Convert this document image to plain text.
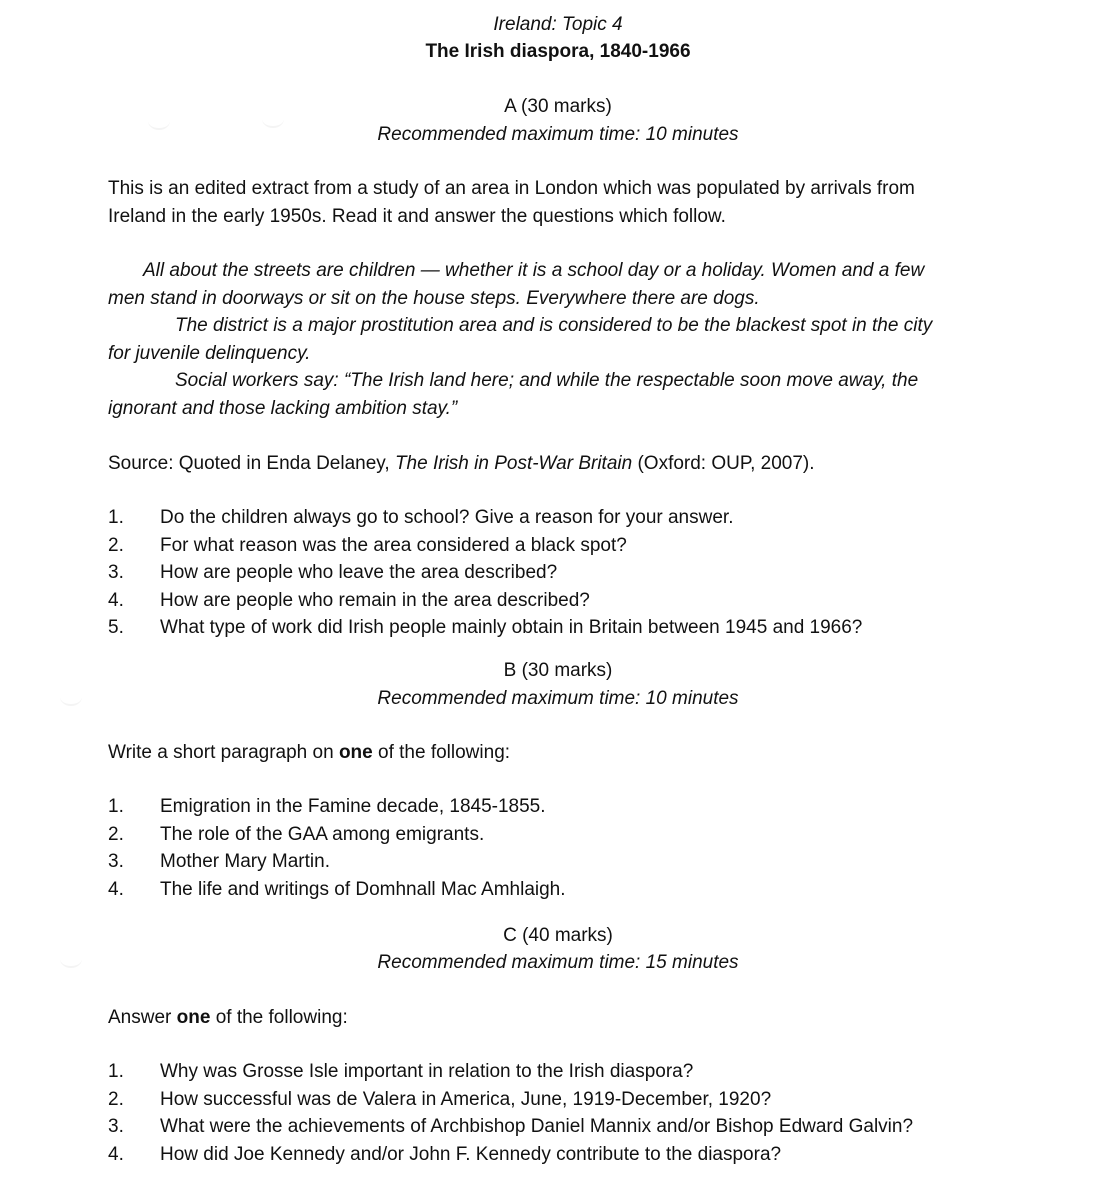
Ireland: Topic 4
The Irish diaspora, 1840-1966
A (30 marks)
Recommended maximum time: 10 minutes
This is an edited extract from a study of an area in London which was populated by arrivals from
Ireland in the early 1950s. Read it and answer the questions which follow.

All about the streets are children — whether it is a school day or a holiday. Women and a few
men stand in doorways or sit on the house steps. Everywhere there are dogs.

The district is a major prostitution area and is considered to be the blackest spot in the city
for juvenile delinquency.

Social workers say: “The Irish land here; and while the respectable soon move away, the
ignorant and those lacking ambition stay.”

Source: Quoted in Enda Delaney, The Irish in Post-War Britain (Oxford: OUP, 2007).
1. Do the children always go to school? Give a reason for your answer.
2. For what reason was the area considered a black spot?
3. How are people who leave the area described?
4. How are people who remain in the area described?
5. What type of work did Irish people mainly obtain in Britain between 1945 and 1966?
B (30 marks)
Recommended maximum time: 10 minutes
Write a short paragraph on one of the following:
1. Emigration in the Famine decade, 1845-1855.
2. The role of the GAA among emigrants.
3. Mother Mary Martin.
4. The life and writings of Domhnall Mac Amhlaigh.
C (40 marks)
Recommended maximum time: 15 minutes
Answer one of the following:
1. Why was Grosse Isle important in relation to the Irish diaspora?
2. How successful was de Valera in America, June, 1919-December, 1920?
3. What were the achievements of Archbishop Daniel Mannix and/or Bishop Edward Galvin?
4. How did Joe Kennedy and/or John F. Kennedy contribute to the diaspora?
